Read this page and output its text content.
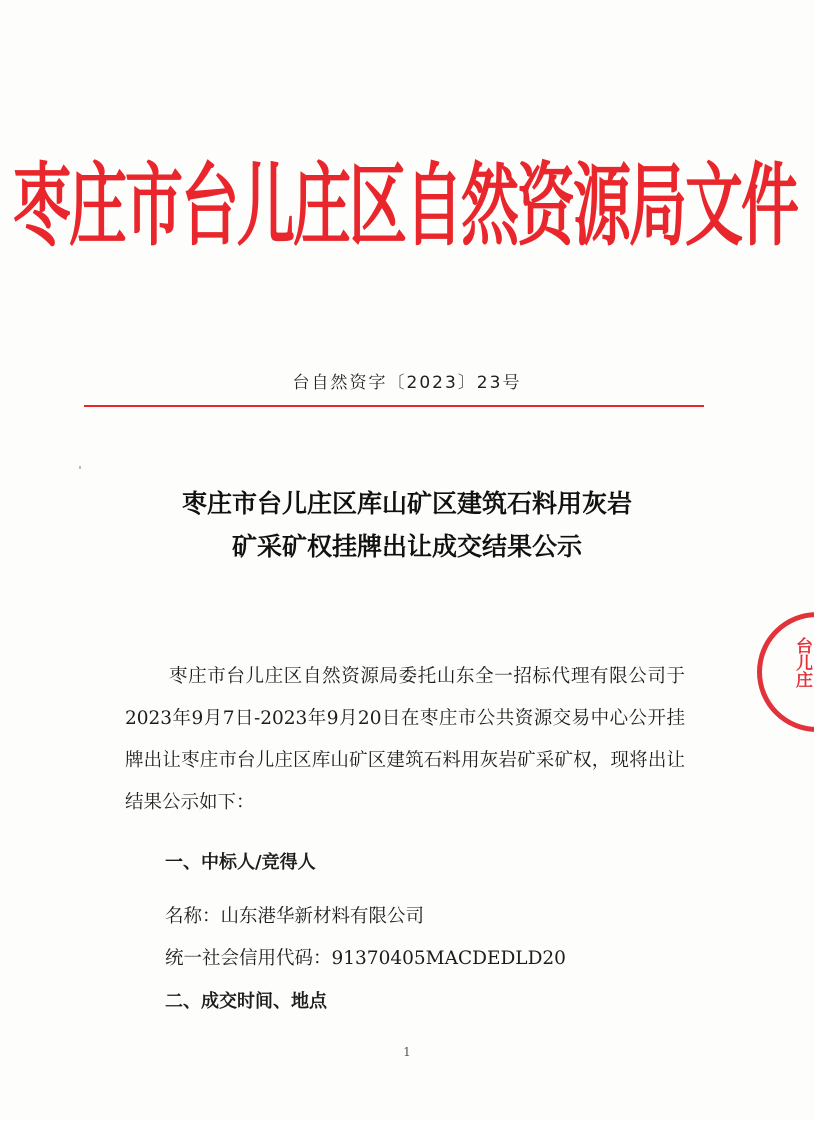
枣庄市台儿庄区自然资源局文件
台自然资字〔2023〕23号
枣庄市台儿庄区库山矿区建筑石料用灰岩
矿采矿权挂牌出让成交结果公示

枣庄市台儿庄区自然资源局委托山东全一招标代理有限公司于2023年9月7日-2023年9月20日在枣庄市公共资源交易中心公开挂牌出让枣庄市台儿庄区库山矿区建筑石料用灰岩矿采矿权，现将出让结果公示如下：

一、中标人/竞得人
名称：山东港华新材料有限公司
统一社会信用代码：91370405MACDEDLD20
二、成交时间、地点
台儿庄
1
